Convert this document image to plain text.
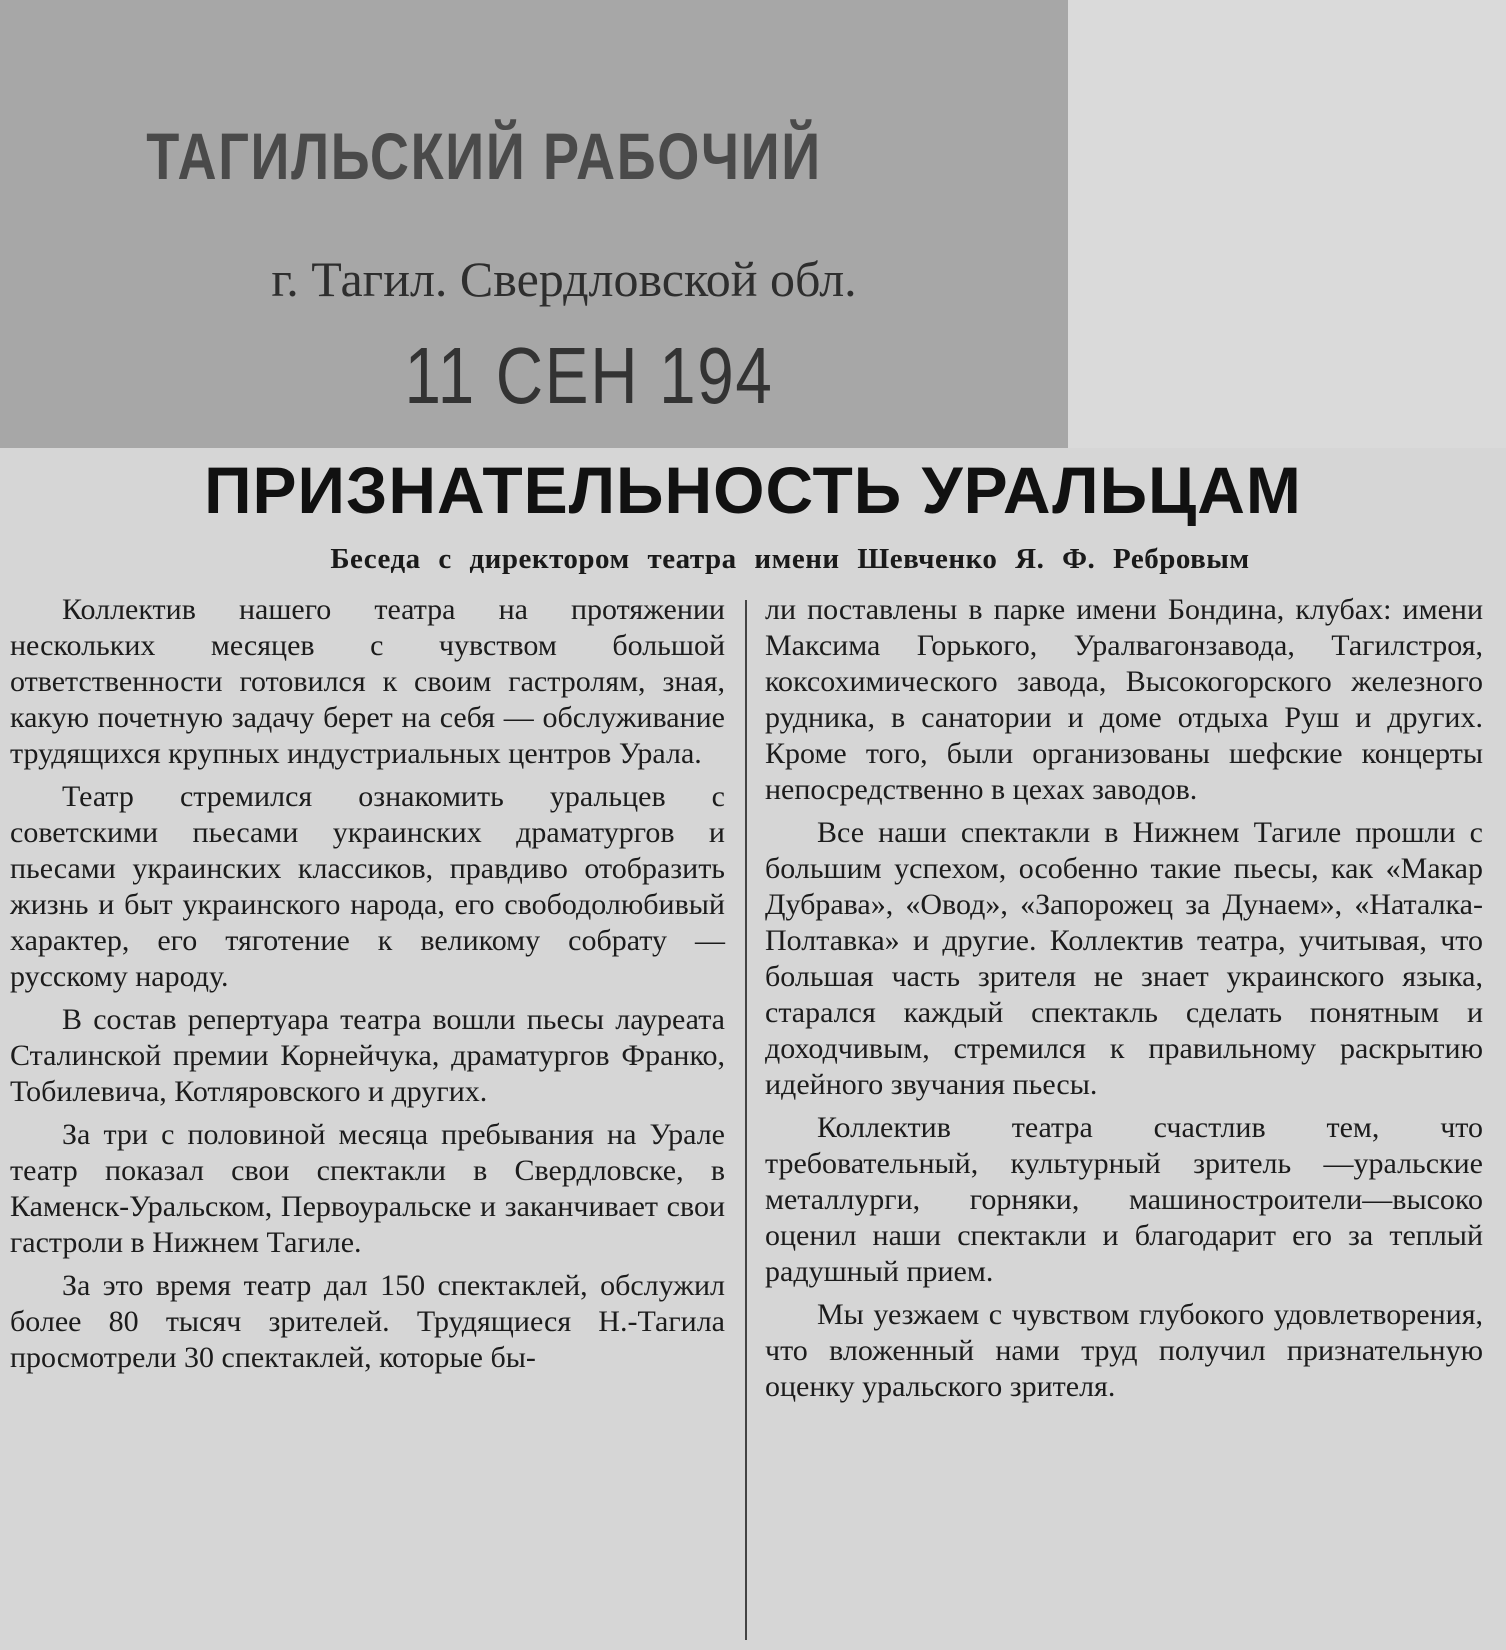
ТАГИЛЬСКИЙ РАБОЧИЙ
г. Тагил. Свердловской обл.
11 СЕН 194
ПРИЗНАТЕЛЬНОСТЬ УРАЛЬЦАМ
Беседа с директором театра имени Шевченко Я. Ф. Ребровым

Коллектив нашего театра на протяжении нескольких месяцев с чувством большой ответственности готовился к своим гастролям, зная, какую почетную задачу берет на себя — обслуживание трудящихся крупных индустриальных центров Урала.

Театр стремился ознакомить уральцев с советскими пьесами украинских драматургов и пьесами украинских классиков, правдиво отобразить жизнь и быт украинского народа, его свободолюбивый характер, его тяготение к великому собрату — русскому народу.

В состав репертуара театра вошли пьесы лауреата Сталинской премии Корнейчука, драматургов Франко, Тобилевича, Котляровского и других.

За три с половиной месяца пребывания на Урале театр показал свои спектакли в Свердловске, в Каменск-Уральском, Первоуральске и заканчивает свои гастроли в Нижнем Тагиле.

За это время театр дал 150 спектаклей, обслужил более 80 тысяч зрителей. Трудящиеся Н.-Тагила просмотрели 30 спектаклей, которые бы-

ли поставлены в парке имени Бондина, клубах: имени Максима Горького, Уралвагонзавода, Тагилстроя, коксохимического завода, Высокогорского железного рудника, в санатории и доме отдыха Руш и других. Кроме того, были организованы шефские концерты непосредственно в цехах заводов.

Все наши спектакли в Нижнем Тагиле прошли с большим успехом, особенно такие пьесы, как «Макар Дубрава», «Овод», «Запорожец за Дунаем», «Наталка-Полтавка» и другие. Коллектив театра, учитывая, что большая часть зрителя не знает украинского языка, старался каждый спектакль сделать понятным и доходчивым, стремился к правильному раскрытию идейного звучания пьесы.

Коллектив театра счастлив тем, что требовательный, культурный зритель —уральские металлурги, горняки, машиностроители—высоко оценил наши спектакли и благодарит его за теплый радушный прием.

Мы уезжаем с чувством глубокого удовлетворения, что вложенный нами труд получил признательную оценку уральского зрителя.
